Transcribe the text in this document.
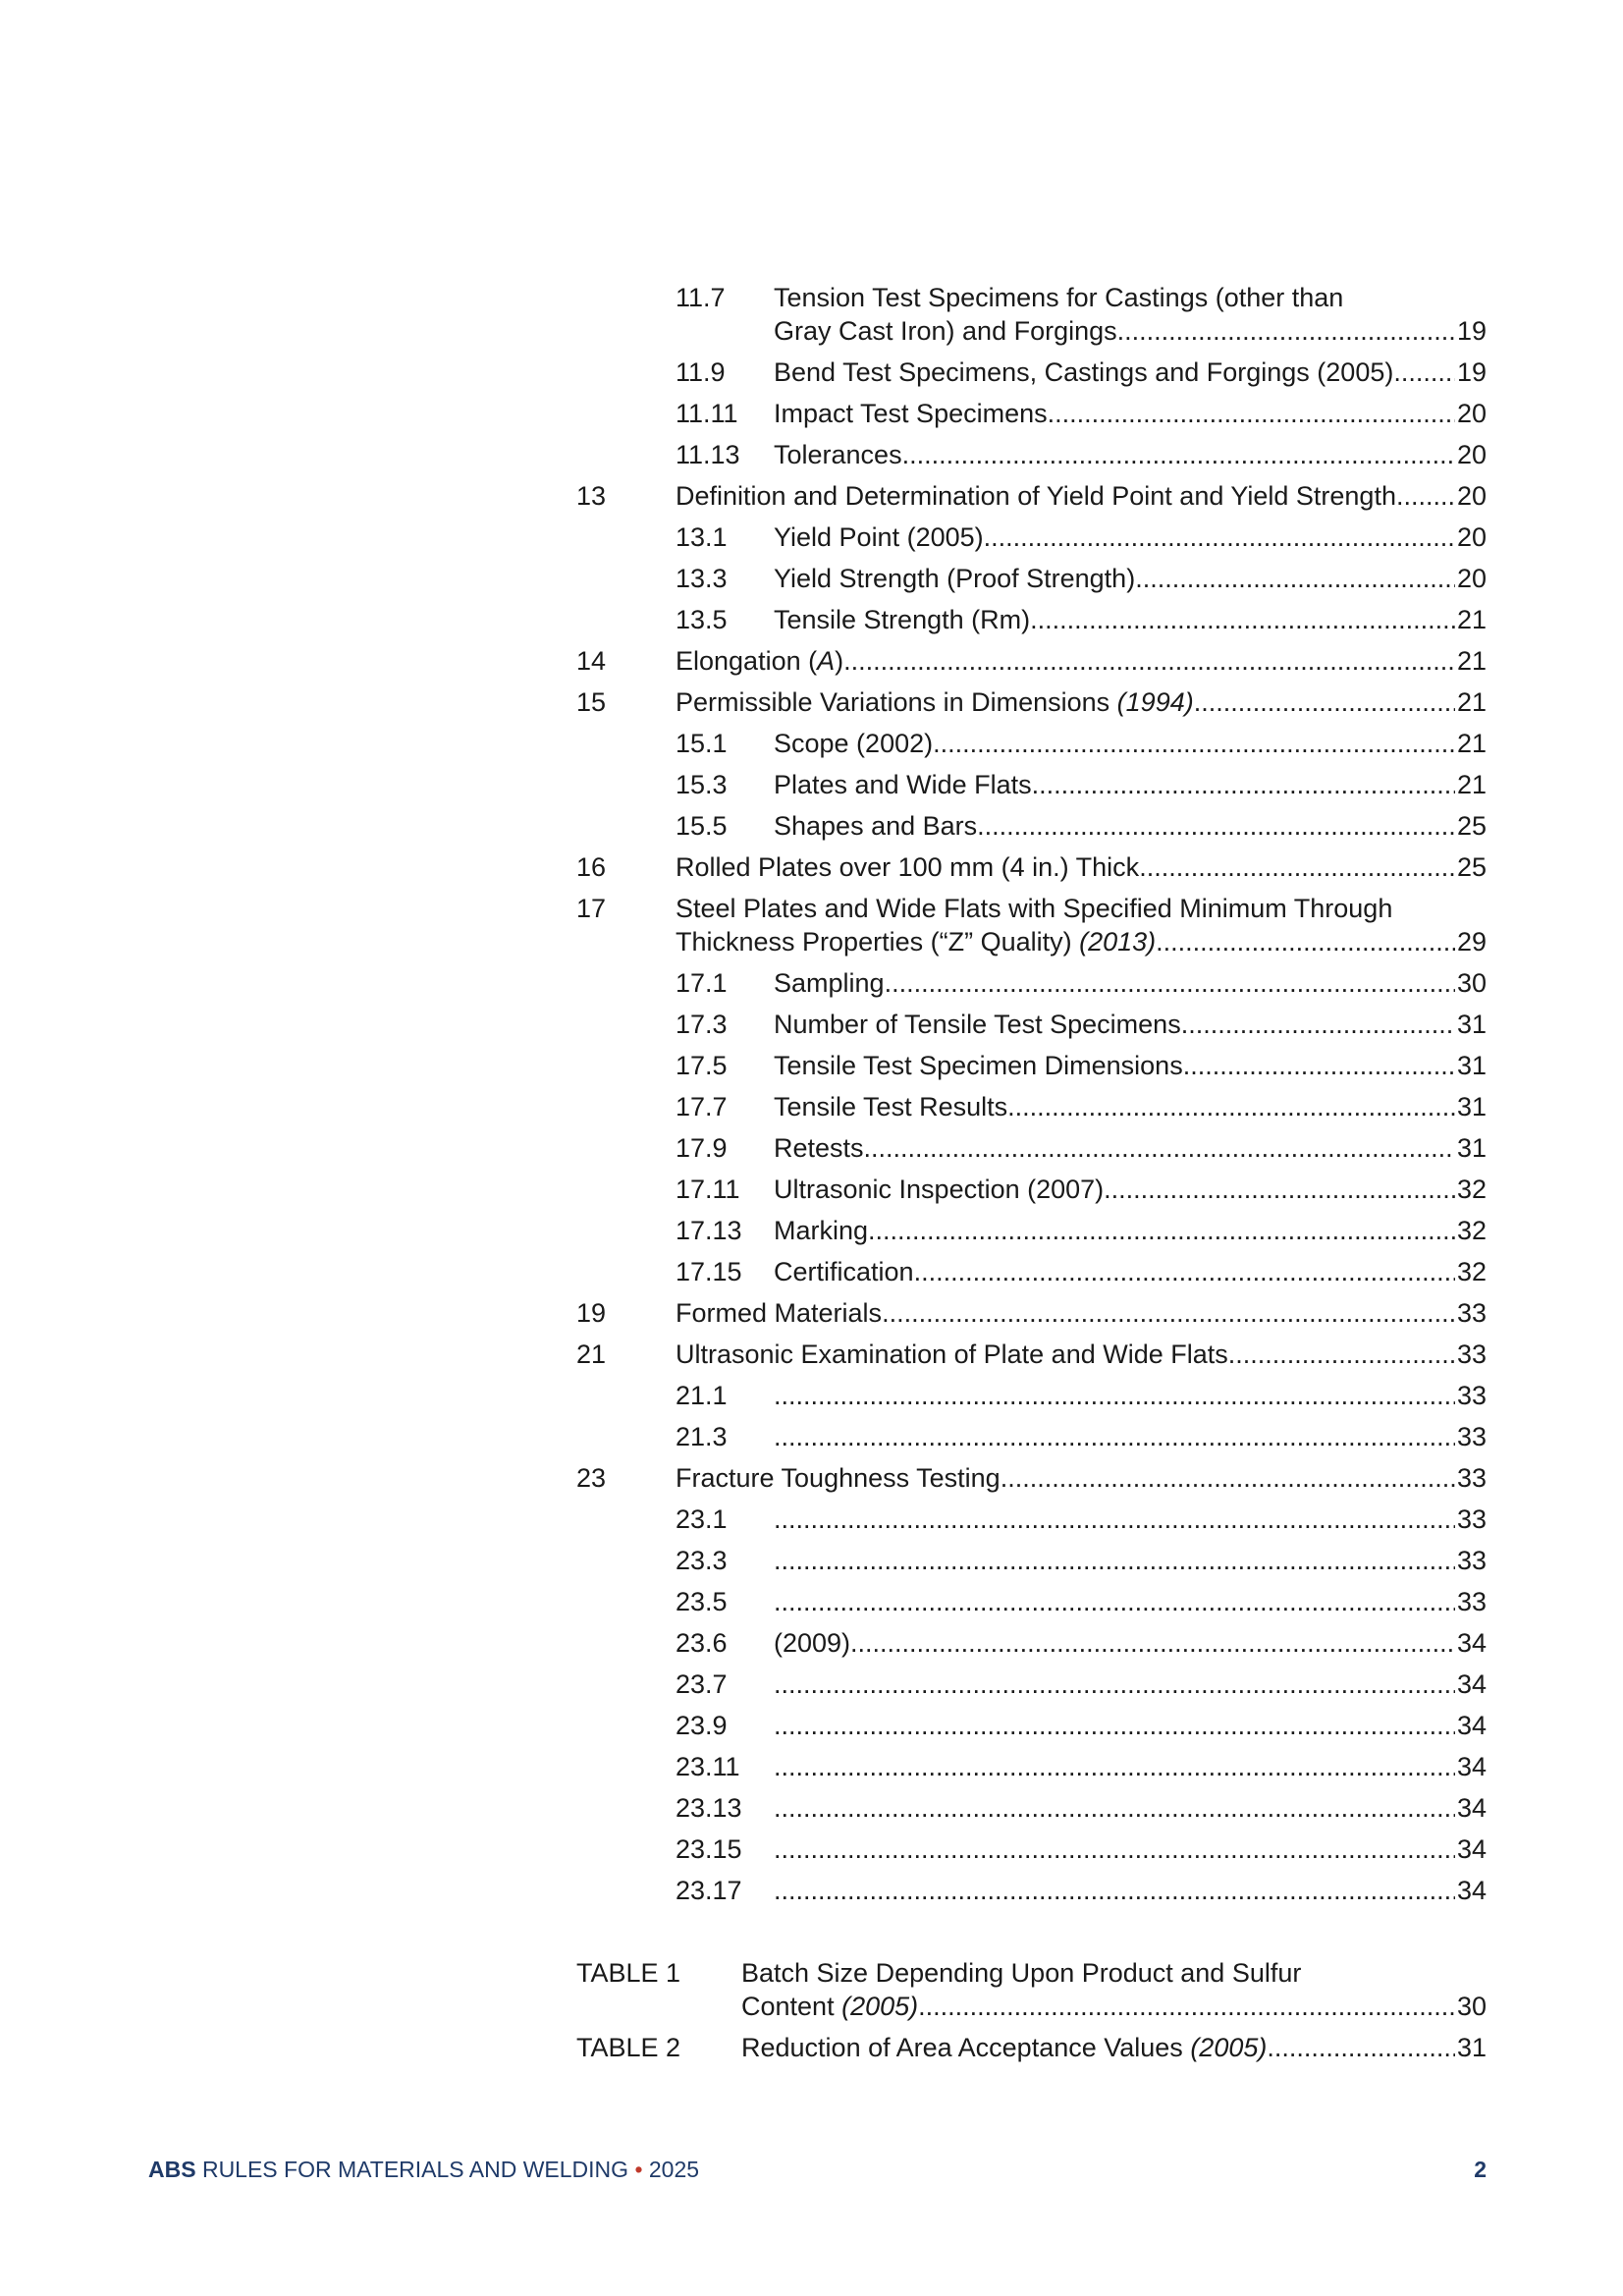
11.7 Tension Test Specimens for Castings (other than
Gray Cast Iron) and Forgings .....	19
11.9 Bend Test Specimens, Castings and Forgings (2005) ..... 19
11.11 Impact Test Specimens .....	20
11.13 Tolerances .....	20
13	Definition and Determination of Yield Point and Yield Strength ..... 20
13.1 Yield Point (2005) .....	20
13.3 Yield Strength (Proof Strength) .....	20
13.5 Tensile Strength (Rm) .....	21
14	Elongation (A) .....	21
15	Permissible Variations in Dimensions (1994) .....	21
15.1 Scope (2002) .....	21
15.3 Plates and Wide Flats .....	21
15.5 Shapes and Bars .....	25
16	Rolled Plates over 100 mm (4 in.) Thick .....	25
17	Steel Plates and Wide Flats with Specified Minimum Through
Thickness Properties (“Z” Quality) (2013) .....	29
17.1 Sampling .....	30
17.3 Number of Tensile Test Specimens .....	31
17.5 Tensile Test Specimen Dimensions .....	31
17.7 Tensile Test Results .....	31
17.9 Retests .....	31
17.11 Ultrasonic Inspection (2007) .....	32
17.13 Marking .....	32
17.15 Certification .....	32
19	Formed Materials .....	33
21	Ultrasonic Examination of Plate and Wide Flats .....	33
21.1 .....	33
21.3 .....	33
23	Fracture Toughness Testing .....	33
23.1 .....	33
23.3 .....	33
23.5 .....	33
23.6 (2009) .....	34
23.7 .....	34
23.9 .....	34
23.11 .....	34
23.13 .....	34
23.15 .....	34
23.17 .....	34
TABLE 1 Batch Size Depending Upon Product and Sulfur
Content (2005) .....	30
TABLE 2 Reduction of Area Acceptance Values (2005) .....	31
ABS RULES FOR MATERIALS AND WELDING • 2025	2
